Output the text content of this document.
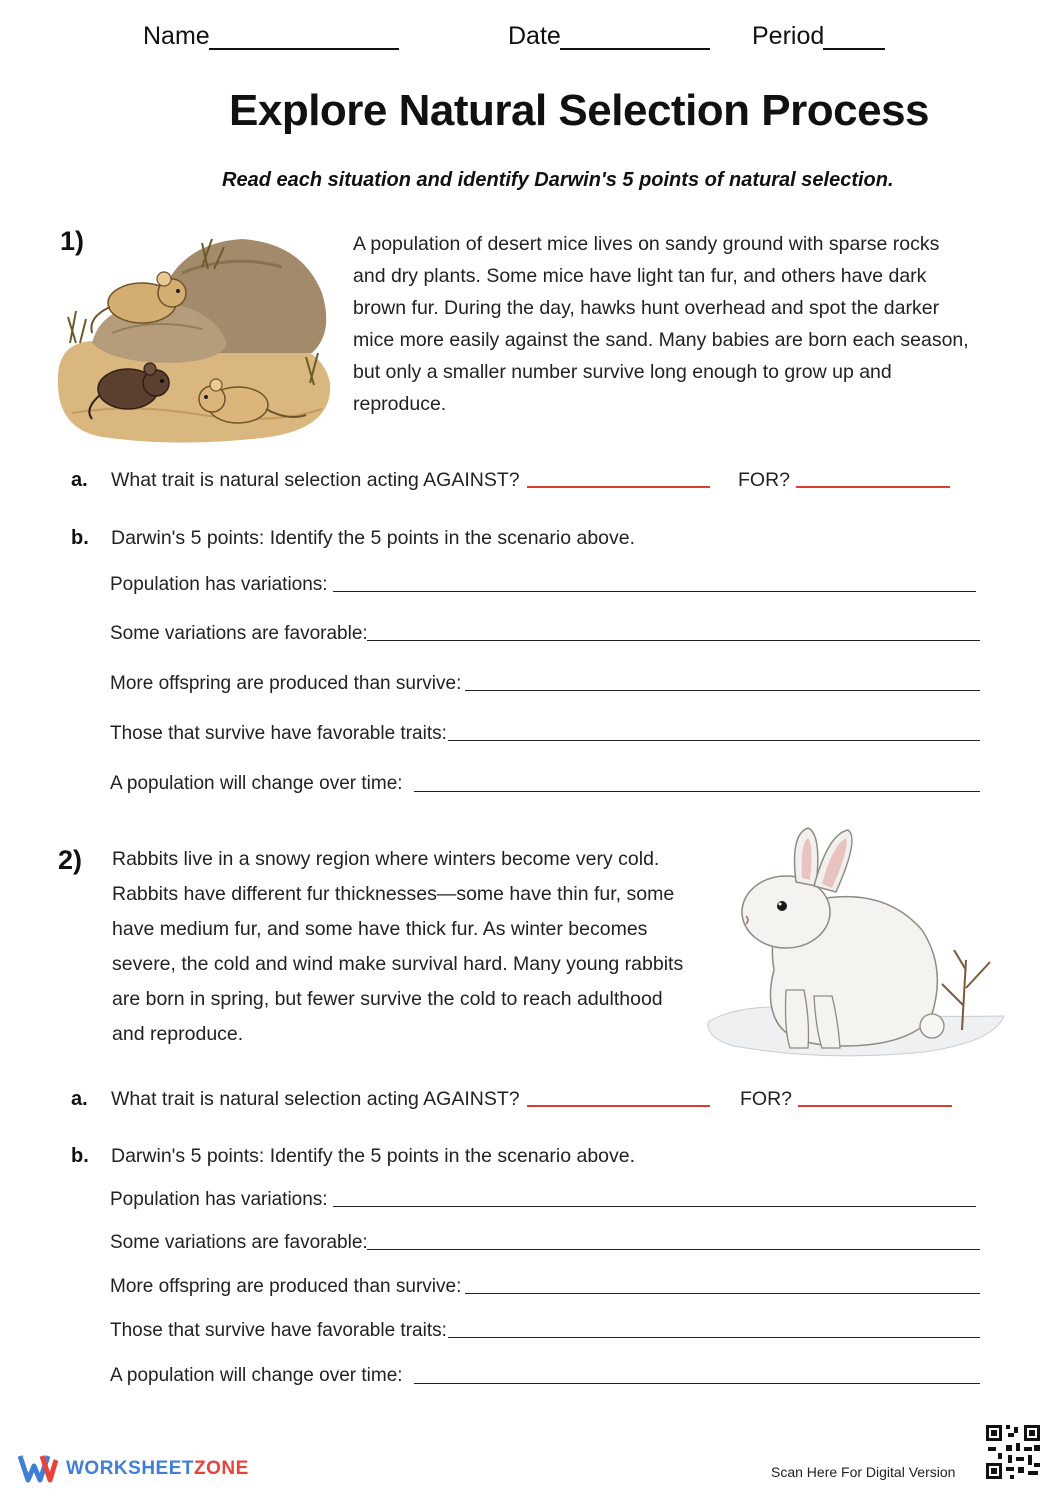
Name	Date	Period
Explore Natural Selection Process
Read each situation and identify Darwin's 5 points of natural selection.
1)	A population of desert mice lives on sandy ground with sparse rocks and dry plants. Some mice have light tan fur, and others have dark brown fur. During the day, hawks hunt overhead and spot the darker mice more easily against the sand. Many babies are born each season, but only a smaller number survive long enough to grow up and reproduce.
a. What trait is natural selection acting AGAINST?	FOR?
b. Darwin's 5 points: Identify the 5 points in the scenario above.
Population has variations:
Some variations are favorable:
More offspring are produced than survive:
Those that survive have favorable traits:
A population will change over time:
2) Rabbits live in a snowy region where winters become very cold. Rabbits have different fur thicknesses—some have thin fur, some have medium fur, and some have thick fur. As winter becomes severe, the cold and wind make survival hard. Many young rabbits are born in spring, but fewer survive the cold to reach adulthood and reproduce.
a. What trait is natural selection acting AGAINST?	FOR?
b. Darwin's 5 points: Identify the 5 points in the scenario above.
Population has variations:
Some variations are favorable:
More offspring are produced than survive:
Those that survive have favorable traits:
A population will change over time:
WORKSHEETZONE	Scan Here For Digital Version
